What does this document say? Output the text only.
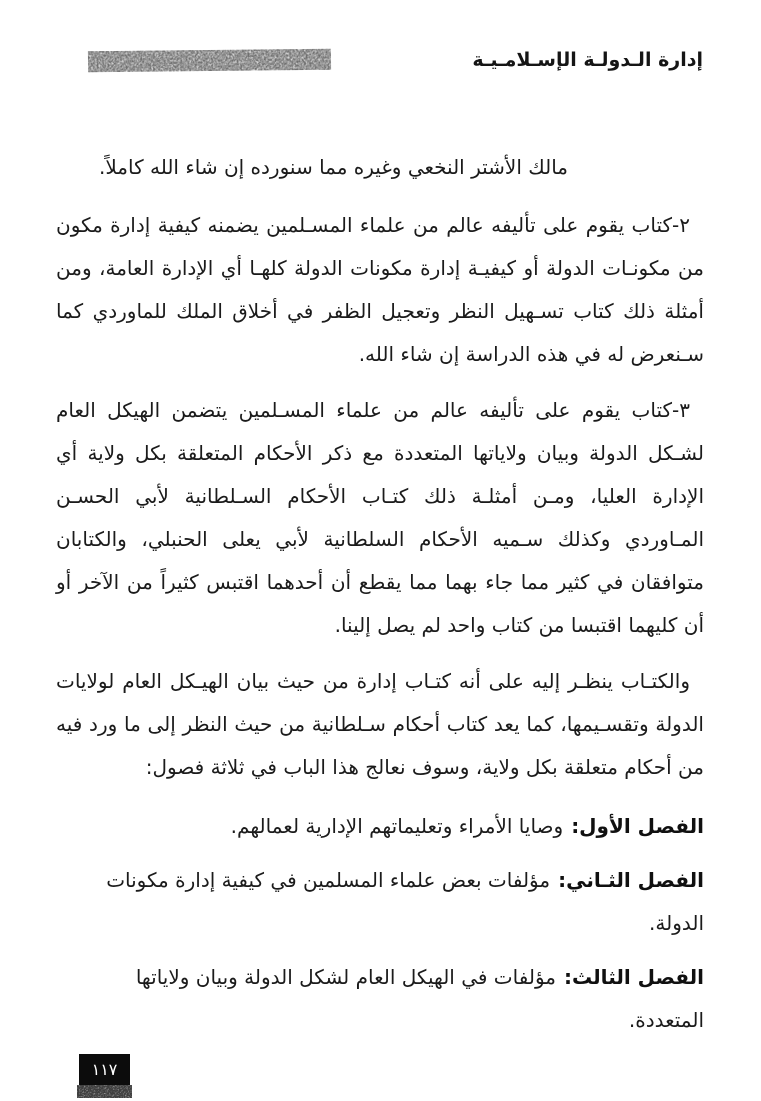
إدارة الـدولـة الإسـلامـيـة

مالك الأشتر النخعي وغيره مما سنورده إن شاء الله كاملاً.

٢-كتاب يقوم على تأليفه عالم من علماء المسـلمين يضمنه كيفية إدارة مكون من مكونـات الدولة أو كيفيـة إدارة مكونات الدولة كلهـا أي الإدارة العامة، ومن أمثلة ذلك كتاب تسـهيل النظر وتعجيل الظفر في أخلاق الملك للماوردي كما سـنعرض له في هذه الدراسة إن شاء الله.

٣-كتاب يقوم على تأليفه عالم من علماء المسـلمين يتضمن الهيكل العام لشـكل الدولة وبيان ولاياتها المتعددة مع ذكر الأحكام المتعلقة بكل ولاية أي الإدارة العليا، ومـن أمثلـة ذلك كتـاب الأحكام السـلطانية لأبي الحسـن المـاوردي وكذلك سـميه الأحكام السلطانية لأبي يعلى الحنبلي، والكتابان متوافقان في كثير مما جاء بهما مما يقطع أن أحدهما اقتبس كثيراً من الآخر أو أن كليهما اقتبسا من كتاب واحد لم يصل إلينا.

والكتـاب ينظـر إليه على أنه كتـاب إدارة من حيث بيان الهيـكل العام لولايات الدولة وتقسـيمها، كما يعد كتاب أحكام سـلطانية من حيث النظر إلى ما ورد فيه من أحكام متعلقة بكل ولاية، وسوف نعالج هذا الباب في ثلاثة فصول:

الفصل الأول:وصايا الأمراء وتعليماتهم الإدارية لعمالهم.
الفصل الثـاني:مؤلفات بعض علماء المسلمين في كيفية إدارة مكونات الدولة.
الفصل الثالث:مؤلفات في الهيكل العام لشكل الدولة وبيان ولاياتها المتعددة.
١١٧
